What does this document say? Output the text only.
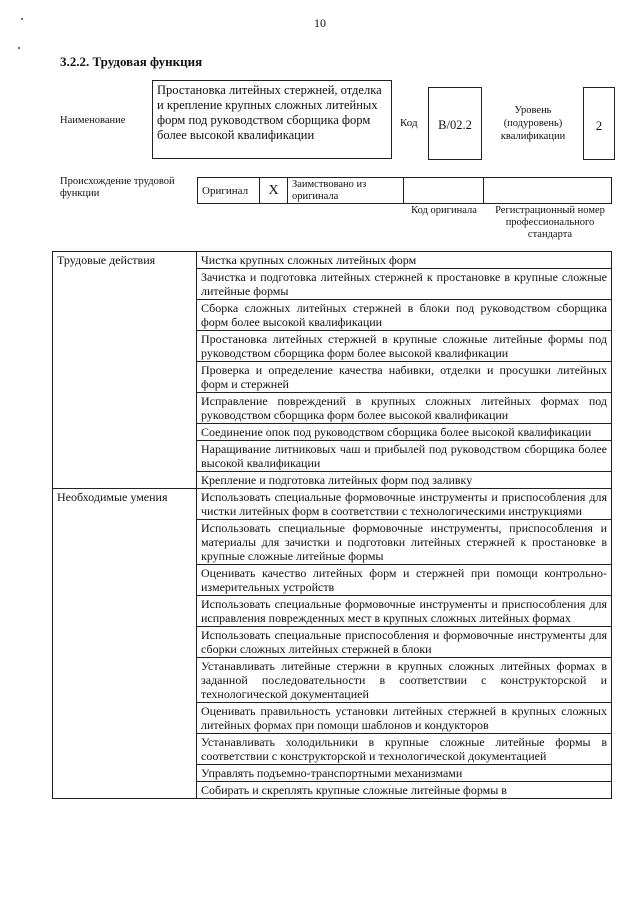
10
3.2.2. Трудовая функция
Наименование
Простановка литейных стержней, отделка и крепление крупных сложных литейных форм под руководством сборщика форм более высокой квалификации
Код	В/02.2
Уровень (подуровень) квалификации
2
Происхождение трудовой функции	Оригинал	X	Заимствовано из оригинала		
Код оригинала	Регистрационный номер профессионального стандарта
Трудовые действия	Чистка крупных сложных литейных форм
	Зачистка и подготовка литейных стержней к простановке в крупные сложные литейные формы
	Сборка сложных литейных стержней в блоки под руководством сборщика форм более высокой квалификации
	Простановка литейных стержней в крупные сложные литейные формы под руководством сборщика форм более высокой квалификации
	Проверка и определение качества набивки, отделки и просушки литейных форм и стержней
	Исправление повреждений в крупных сложных литейных формах под руководством сборщика форм более высокой квалификации
	Соединение опок под руководством сборщика более высокой квалификации
	Наращивание литниковых чаш и прибылей под руководством сборщика более высокой квалификации
	Крепление и подготовка литейных форм под заливку
Необходимые умения	Использовать специальные формовочные инструменты и приспособления для чистки литейных форм в соответствии с технологическими инструкциями
	Использовать специальные формовочные инструменты, приспособления и материалы для зачистки и подготовки литейных стержней к простановке в крупные сложные литейные формы
	Оценивать качество литейных форм и стержней при помощи контрольно-измерительных устройств
	Использовать специальные формовочные инструменты и приспособления для исправления поврежденных мест в крупных сложных литейных формах
	Использовать специальные приспособления и формовочные инструменты для сборки сложных литейных стержней в блоки
	Устанавливать литейные стержни в крупных сложных литейных формах в заданной последовательности в соответствии с конструкторской и технологической документацией
	Оценивать правильность установки литейных стержней в крупных сложных литейных формах при помощи шаблонов и кондукторов
	Устанавливать холодильники в крупные сложные литейные формы в соответствии с конструкторской и технологической документацией
	Управлять подъемно-транспортными механизмами
	Собирать и скреплять крупные сложные литейные формы в
